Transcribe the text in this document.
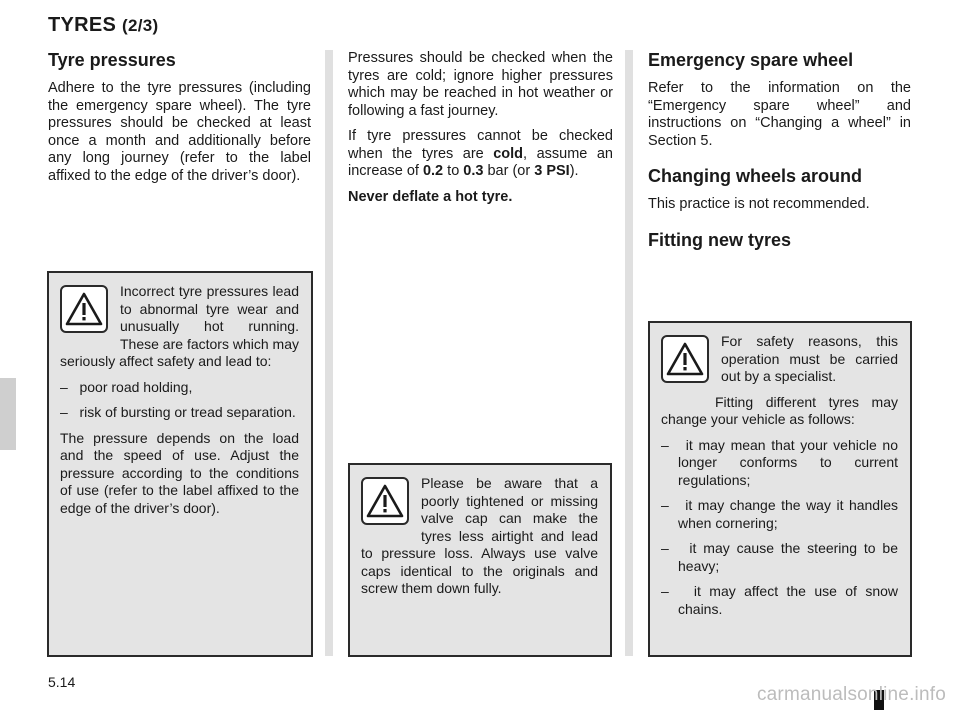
TYRES (2/3)
Tyre pressures

Adhere to the tyre pressures (including the emergency spare wheel). The tyre pressures should be checked at least once a month and additionally before any long journey (refer to the label affixed to the edge of the driver’s door).

Incorrect tyre pressures lead to abnormal tyre wear and unusually hot running. These are factors which may seriously affect safety and lead to:

–   poor road holding,

–   risk of bursting or tread separation.

The pressure depends on the load and the speed of use. Adjust the pressure according to the conditions of use (refer to the label affixed to the edge of the driver’s door).

Pressures should be checked when the tyres are cold; ignore higher pressures which may be reached in hot weather or following a fast journey.

If tyre pressures cannot be checked when the tyres are cold, assume an increase of 0.2 to 0.3 bar (or 3 PSI).

Never deflate a hot tyre.

Please be aware that a poorly tightened or missing valve cap can make the tyres less airtight and lead to pressure loss. Always use valve caps identical to the originals and screw them down fully.

Emergency spare wheel

Refer to the information on the “Emergency spare wheel” and instructions on “Changing a wheel” in Section 5.

Changing wheels around

This practice is not recommended.

Fitting new tyres

For safety reasons, this operation must be carried out by a specialist.

Fitting different tyres may change your vehicle as follows:

–   it may mean that your vehicle no longer conforms to current regulations;

–   it may change the way it handles when cornering;

–   it may cause the steering to be heavy;

–   it may affect the use of snow chains.

5.14
carmanualsonline.info
